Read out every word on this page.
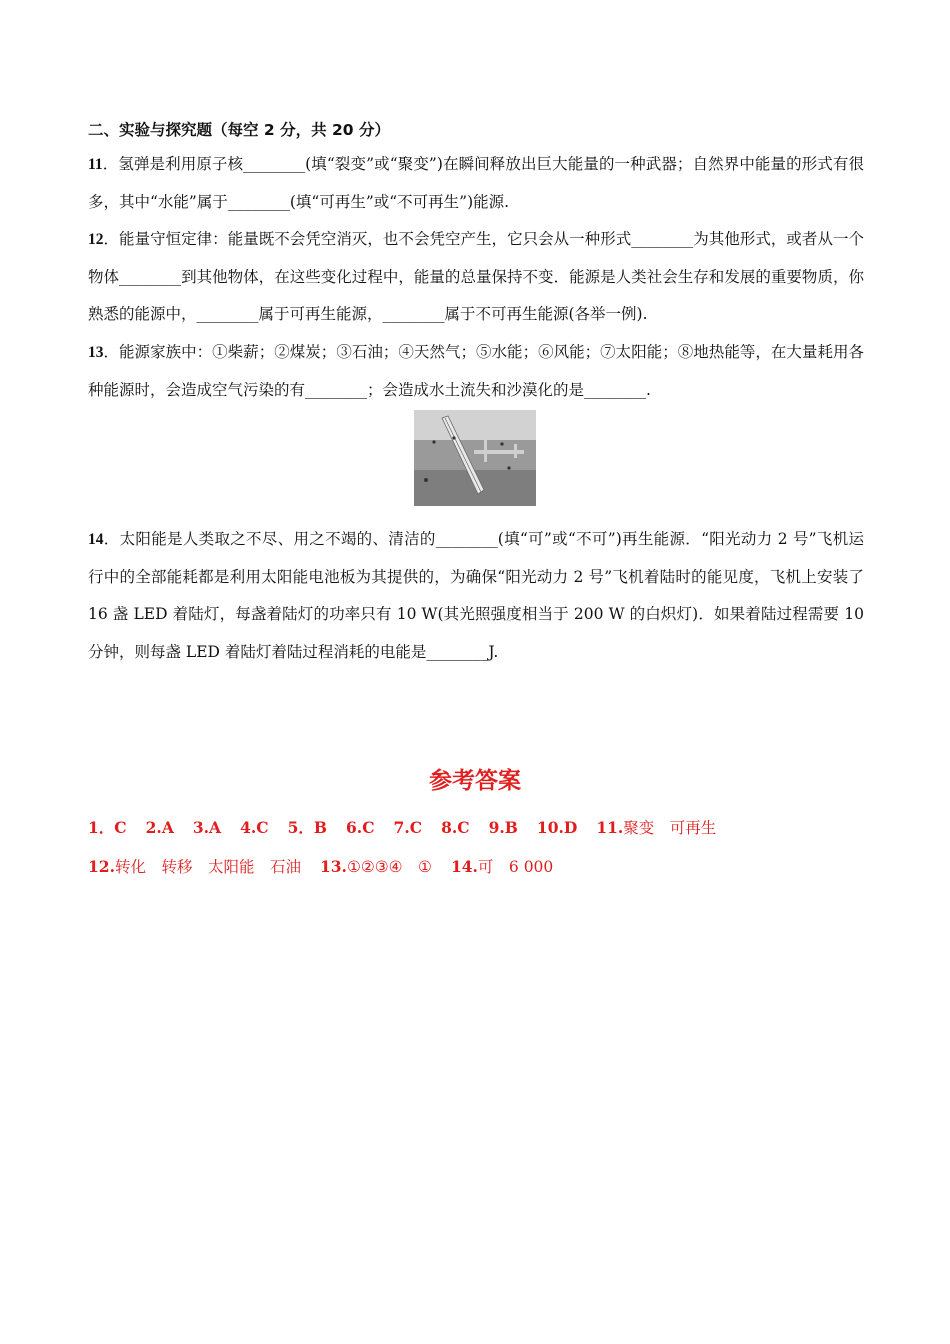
二、实验与探究题（每空 2 分，共 20 分）
11．氢弹是利用原子核________(填“裂变”或“聚变”)在瞬间释放出巨大能量的一种武器；自然界中能量的形式有很多，其中“水能”属于________(填“可再生”或“不可再生”)能源.
12．能量守恒定律：能量既不会凭空消灭，也不会凭空产生，它只会从一种形式________为其他形式，或者从一个物体________到其他物体，在这些变化过程中，能量的总量保持不变．能源是人类社会生存和发展的重要物质，你熟悉的能源中，________属于可再生能源，________属于不可再生能源(各举一例).
13．能源家族中：①柴薪；②煤炭；③石油；④天然气；⑤水能；⑥风能；⑦太阳能；⑧地热能等，在大量耗用各种能源时，会造成空气污染的有________；会造成水土流失和沙漠化的是________.
14．太阳能是人类取之不尽、用之不竭的、清洁的________(填“可”或“不可”)再生能源．“阳光动力 2 号”飞机运行中的全部能耗都是利用太阳能电池板为其提供的，为确保“阳光动力 2 号”飞机着陆时的能见度，飞机上安装了 16 盏 LED 着陆灯，每盏着陆灯的功率只有 10 W(其光照强度相当于 200 W 的白炽灯)．如果着陆过程需要 10 分钟，则每盏 LED 着陆灯着陆过程消耗的电能是________J.
参考答案
1．C 2.A 3.A 4.C 5．B 6.C 7.C 8.C 9.B 10.D 11.聚变　可再生12.转化　转移　太阳能　石油 13.①②③④　① 14.可　6 000
